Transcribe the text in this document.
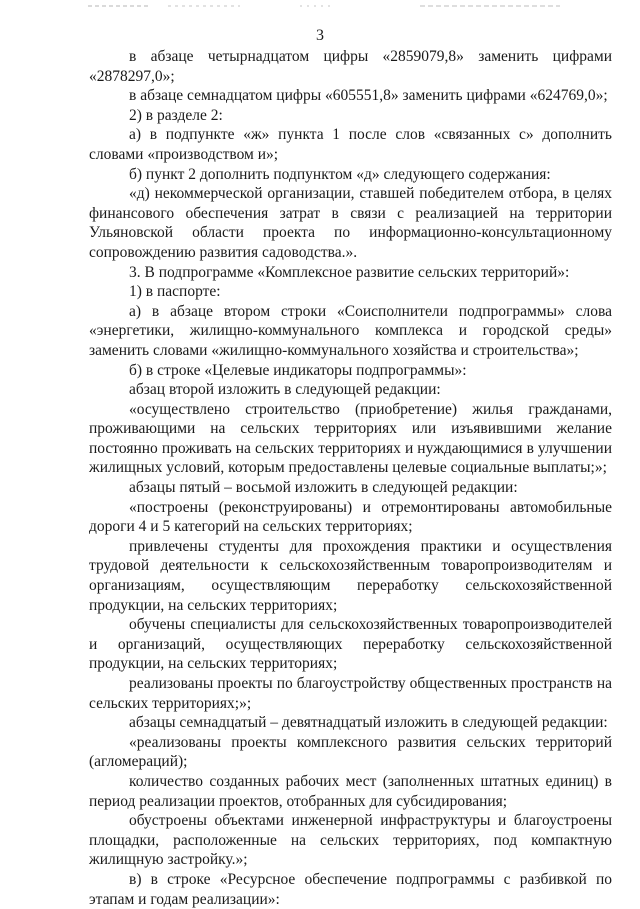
3

в абзаце четырнадцатом цифры «2859079,8» заменить цифрами «2878297,0»;

в абзаце семнадцатом цифры «605551,8» заменить цифрами «624769,0»;

2) в разделе 2:

а) в подпункте «ж» пункта 1 после слов «связанных с» дополнить словами «производством и»;

б) пункт 2 дополнить подпунктом «д» следующего содержания:

«д) некоммерческой организации, ставшей победителем отбора, в целях финансового обеспечения затрат в связи с реализацией на территории Ульяновской области проекта по информационно-консультационному сопровождению развития садоводства.».

3. В подпрограмме «Комплексное развитие сельских территорий»:

1) в паспорте:

а) в абзаце втором строки «Соисполнители подпрограммы» слова «энергетики, жилищно-коммунального комплекса и городской среды» заменить словами «жилищно-коммунального хозяйства и строительства»;

б) в строке «Целевые индикаторы подпрограммы»:

абзац второй изложить в следующей редакции:

«осуществлено строительство (приобретение) жилья гражданами, проживающими на сельских территориях или изъявившими желание постоянно проживать на сельских территориях и нуждающимися в улучшении жилищных условий, которым предоставлены целевые социальные выплаты;»;

абзацы пятый – восьмой изложить в следующей редакции:

«построены (реконструированы) и отремонтированы автомобильные дороги 4 и 5 категорий на сельских территориях;

привлечены студенты для прохождения практики и осуществления трудовой деятельности к сельскохозяйственным товаропроизводителям и организациям, осуществляющим переработку сельскохозяйственной продукции, на сельских территориях;

обучены специалисты для сельскохозяйственных товаропроизводителей и организаций, осуществляющих переработку сельскохозяйственной продукции, на сельских территориях;

реализованы проекты по благоустройству общественных пространств на сельских территориях;»;

абзацы семнадцатый – девятнадцатый изложить в следующей редакции:

«реализованы проекты комплексного развития сельских территорий (агломераций);

количество созданных рабочих мест (заполненных штатных единиц) в период реализации проектов, отобранных для субсидирования;

обустроены объектами инженерной инфраструктуры и благоустроены площадки, расположенные на сельских территориях, под компактную жилищную застройку.»;

в) в строке «Ресурсное обеспечение подпрограммы с разбивкой по этапам и годам реализации»:
